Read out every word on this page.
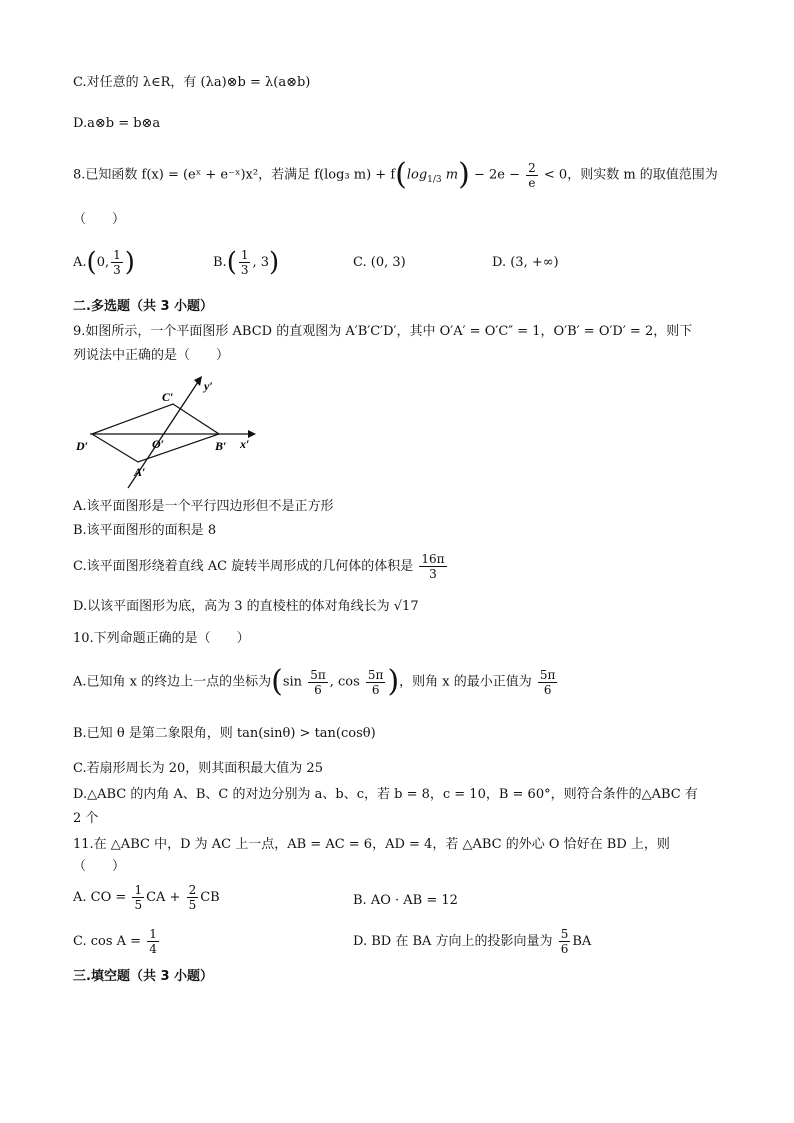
C.对任意的 λ∈R，有 (λa)⊗b = λ(a⊗b)
D.a⊗b = b⊗a
8.已知函数 f(x) = (eˣ + e⁻ˣ)x²，若满足 f(log₃ $m) + f(\log_{1/3}$ $m) - 2e - \frac{2}{e} < 0$，则实数 m 的取值范围为
（　　）
A.(0, $\frac{1}{3}$ )	$B.( \frac{1}{3}$ , 3)	C. (0, 3)	D. (3, +∞)
二.多选题（共 3 小题）
9.如图所示，一个平面图形 ABCD 的直观图为 A′B′C′D′，其中 O′A′ = O′C″ = 1，O′B′ = O′D′ = 2，则下
列说法中正确的是（　　）
C′
D′	O′	B′
A′
x′
y′
A.该平面图形是一个平行四边形但不是正方形
B.该平面图形的面积是 8
C.该平面图形绕着直线 AC 旋转半周形成的几何体的体积是 $\frac{16\pi}{3}$
D.以该平面图形为底，高为 3 的直棱柱的体对角线长为 √17
10.下列命题正确的是（　　）
A.已知角 x 的终边上一点的坐标为($\sin \frac{5\pi}{6}$ , $\cos \frac{5\pi}{6}$ )，则角 x 的最小正值为 $\frac{5\pi}{6}$
B.已知 θ 是第二象限角，则 tan(sinθ) > tan(cosθ)
C.若扇形周长为 20，则其面积最大值为 25
D.△ABC 的内角 A、B、C 的对边分别为 a、b、c，若 b = 8，c = 10，B = 60°，则符合条件的△ABC 有
2 个
11.在 △ABC 中，D 为 AC 上一点，AB = AC = 6，AD = 4，若 △ABC 的外心 O 恰好在 BD 上，则
（　　）
A. CO = $\frac{1}{5}$ CA + $\frac{2}{5}$ CB	B. AO · AB = 12
C. $\cos A = \frac{1}{4}$	D. BD 在 BA 方向上的投影向量为 $\frac{5}{6}$ BA
三.填空题（共 3 小题）
